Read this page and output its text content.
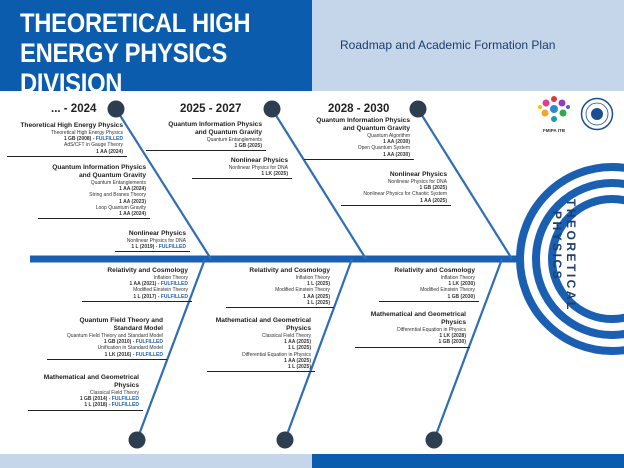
THEORETICAL HIGH
ENERGY PHYSICS DIVISION
Roadmap and Academic Formation Plan
THEORETICAL
PHYSICS
FMIPA ITB
... - 2024	2025 - 2027	2028 - 2030
Theoretical High Energy Physics
Theoretical High Energy Physics
1 GB (2008) - FULFILLED
AdS/CFT in Gauge Theory
1 AA (2024)
Quantum Information Physics
and Quantum Gravity
Quantum Entanglements
1 AA (2024)
String and Branes Theory
1 AA (2023)
Loop Quantum Gravity
1 AA (2024)
Nonlinear Physics
Nonlinear Physics for DNA
1 L (2019) - FULFILLED
Quantum Information Physics
and Quantum Gravity
Quantum Entanglements
1 GB (2025)
Nonlinear Physics
Nonlinear Physics for DNA
1 LK (2025)
Quantum Information Physics
and Quantum Gravity
Quantum Algorithm
1 AA (2030)
Open Quantum System
1 AA (2030)
Nonlinear Physics
Nonlinear Physics for DNA
1 GB (2025)
Nonlinear Physics for Chaotic System
1 AA (2025)
Relativity and Cosmology
Inflation Theory
1 AA (2021) - FULFILLED
Modified Einstein Theory
1 L (2017) - FULFILLED
Quantum Field Theory and
Standard Model
Quantum Field Theory and Standard Model
1 GB (2010) - FULFILLED
Unification in Standard Model
1 LK (2016) - FULFILLED
Mathematical and Geometrical
Physics
Classical Field Theory
1 GB (2014) - FULFILLED
1 L (2018) - FULFILLED
Relativity and Cosmology
Inflation Theory
1 L (2025)
Modified Einstein Theory
1 AA (2025)
1 L (2025)
Mathematical and Geometrical
Physics
Classical Field Theory
1 AA (2025)
1 L (2025)
Differential Equation in Physics
1 AA (2025)
1 L (2025)
Relativity and Cosmology
Inflation Theory
1 LK (2030)
Modified Einstein Theory
1 GB (2030)
Mathematical and Geometrical
Physics
Differential Equation in Physics
1 LK (2028)
1 GB (2030)
